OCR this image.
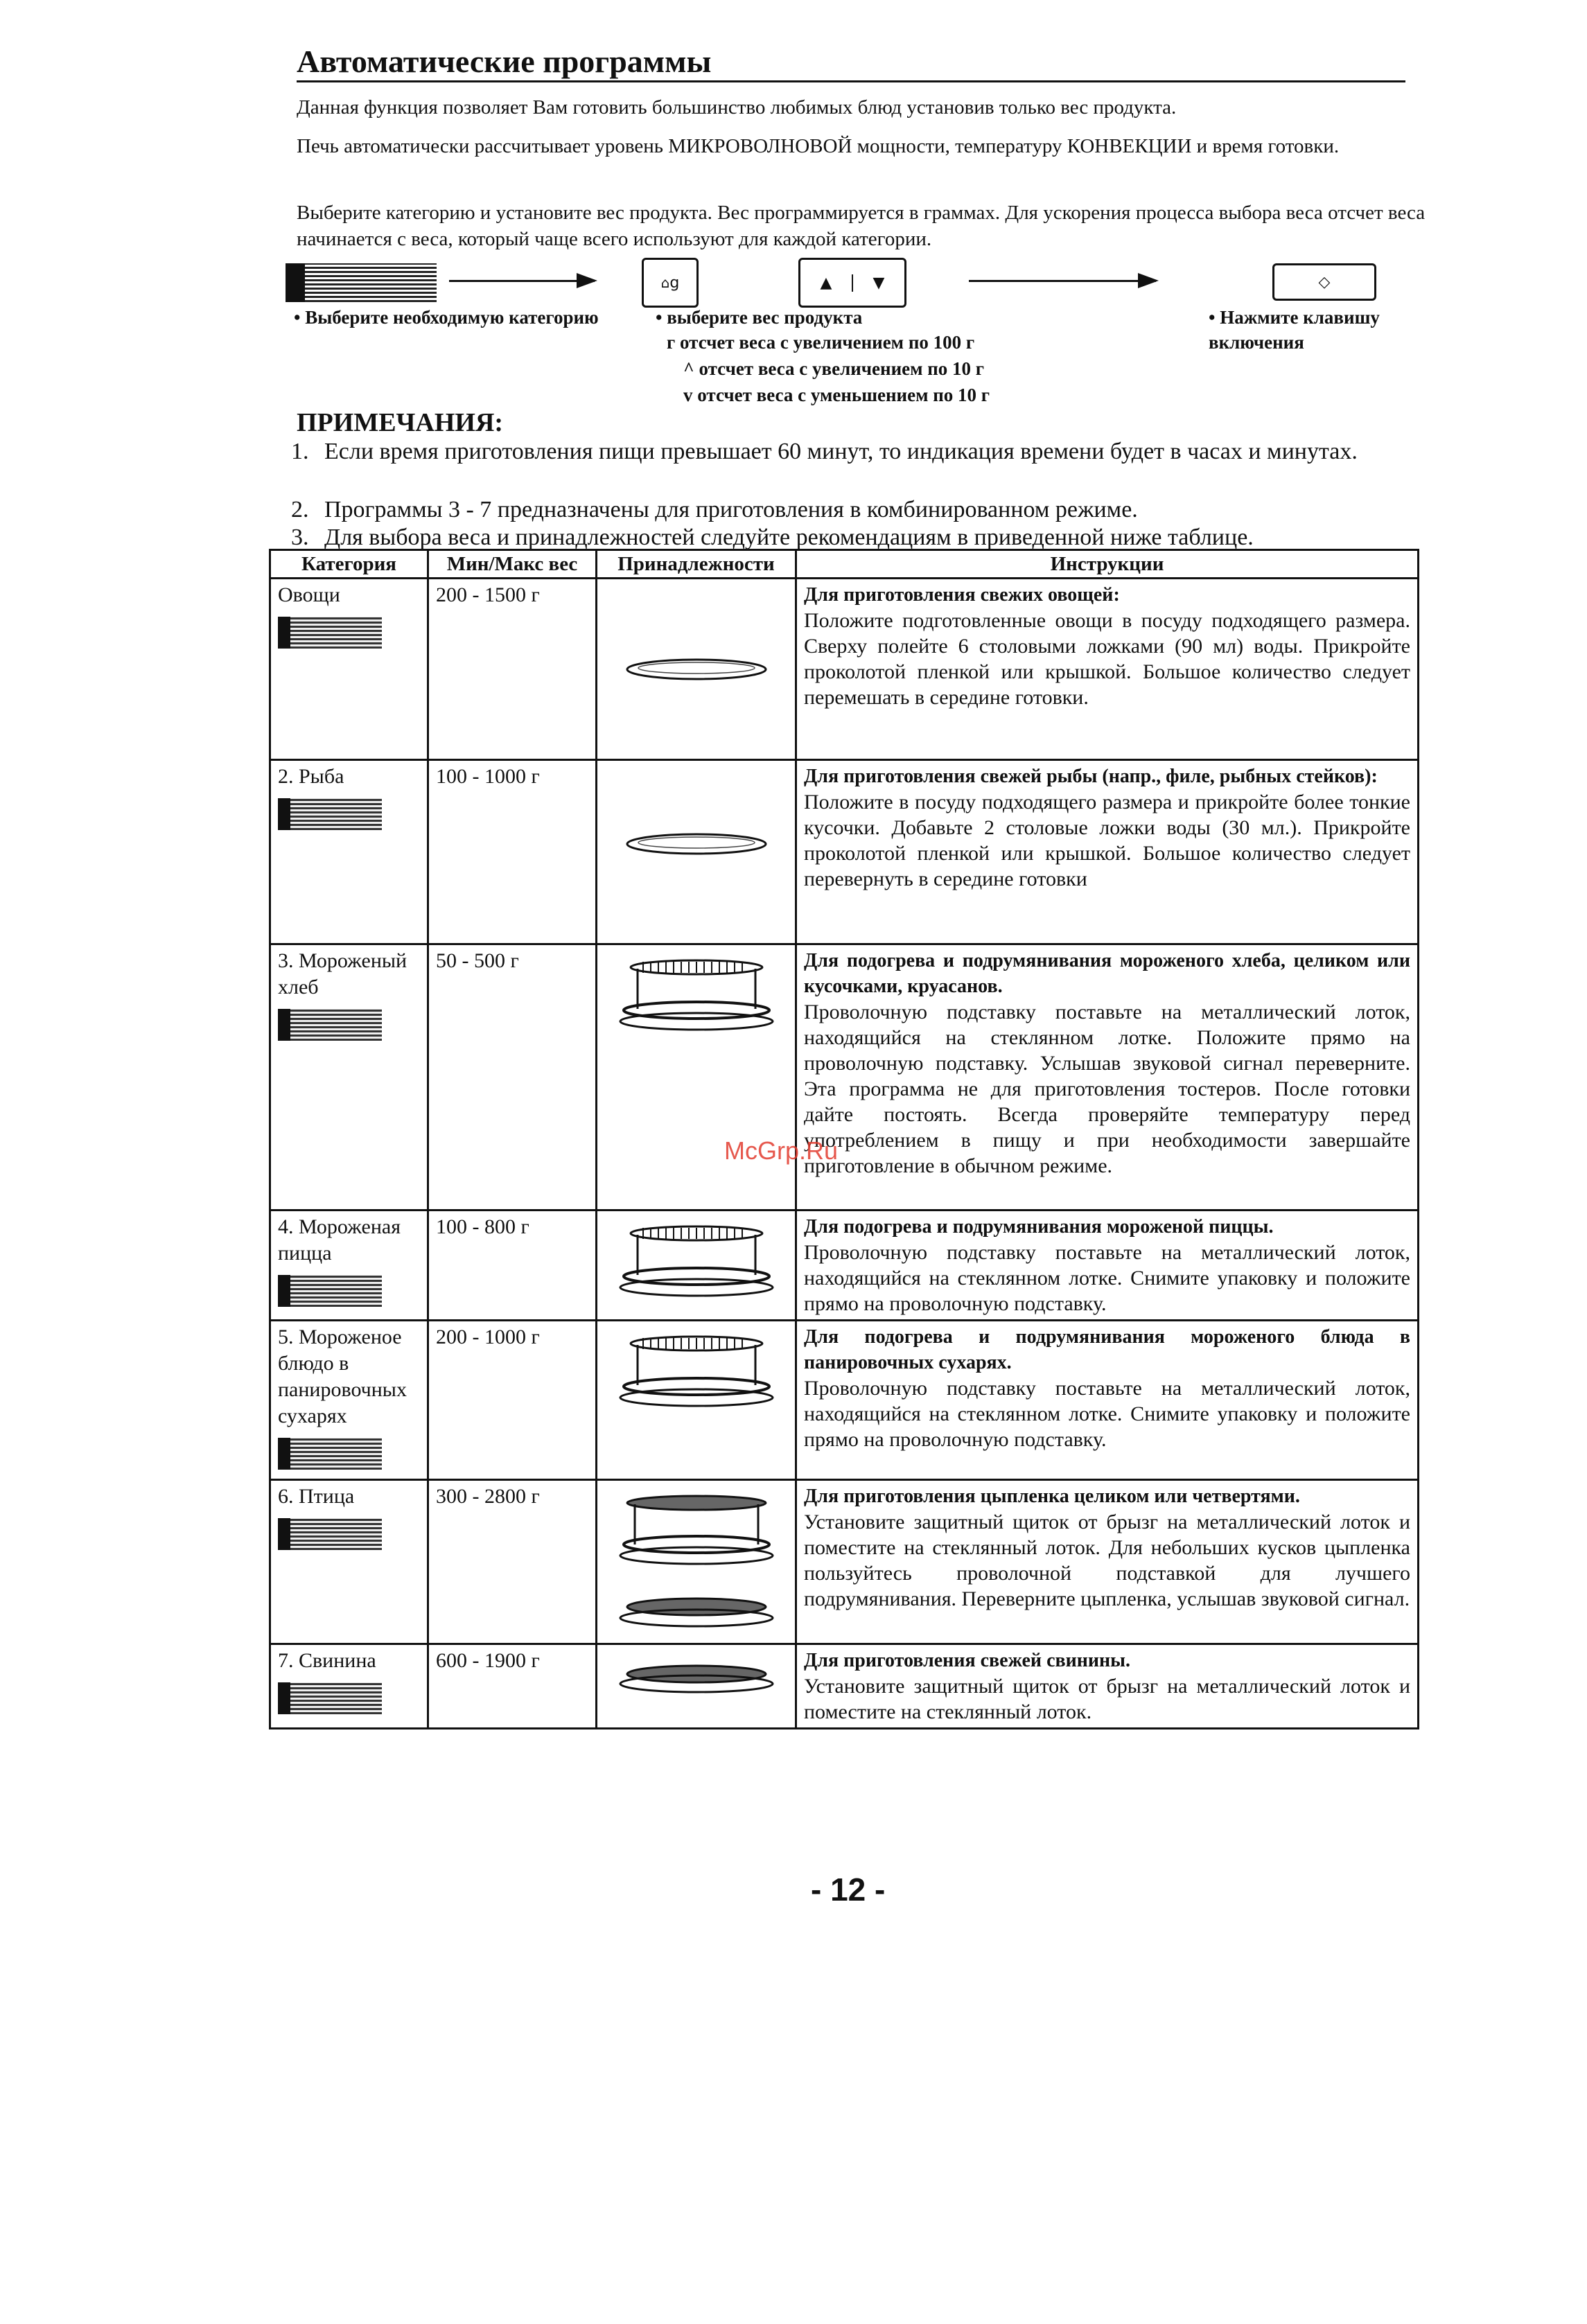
Автоматические программы
Данная функция позволяет Вам готовить большинство любимых блюд установив только вес продукта.
Печь автоматически рассчитывает уровень МИКРОВОЛНОВОЙ мощности, температуру КОНВЕКЦИИ и время готовки.
Выберите категорию и установите вес продукта. Вес программируется в граммах. Для ускорения процесса выбора веса отсчет веса начинается с веса, который чаще всего используют для каждой категории.
⌂ g	▲	▼	◇
• Выберите необходимую категорию	• выберите вес продукта
г отсчет веса с увеличением по 100 г
^ отсчет веса с увеличением по 10 г
v отсчет веса с уменьшением по 10 г
• Нажмите клавишу включения
ПРИМЕЧАНИЯ:
1. Если время приготовления пищи превышает 60 минут, то индикация времени будет в часах и минутах.
2. Программы 3 - 7 предназначены для приготовления в комбинированном режиме.
3. Для выбора веса и принадлежностей следуйте рекомендациям в приведенной ниже таблице.
Категория	Мин/Макс вес	Принадлежности	Инструкции
Овощи	200 - 1500 г		Для приготовления свежих овощей:
Положите подготовленные овощи в посуду подходящего размера. Сверху полейте 6 столовыми ложками (90 мл) воды. Прикройте проколотой пленкой или крышкой. Большое количество следует перемешать в середине готовки.

2. Рыба	100 - 1000 г		Для приготовления свежей рыбы (напр., филе, рыбных стейков):
Положите в посуду подходящего размера и прикройте более тонкие кусочки. Добавьте 2 столовые ложки воды (30 мл.). Прикройте проколотой пленкой или крышкой. Большое количество следует перевернуть в середине готовки

3. Мороженый хлеб	50 - 500 г		Для подогрева и подрумянивания мороженого хлеба, целиком или кусочками, круасанов.
Проволочную подставку поставьте на металлический лоток, находящийся на стеклянном лотке. Положите прямо на проволочную подставку. Услышав звуковой сигнал переверните. Эта программа не для приготовления тостеров. После готовки дайте постоять. Всегда проверяйте температуру перед употреблением в пищу и при необходимости завершайте приготовление в обычном режиме.

4. Мороженая пицца	100 - 800 г		Для подогрева и подрумянивания мороженой пиццы.
Проволочную подставку поставьте на металлический лоток, находящийся на стеклянном лотке. Снимите упаковку и положите прямо на проволочную подставку.

5. Мороженое блюдо в панировочных сухарях	200 - 1000 г		Для подогрева и подрумянивания мороженого блюда в панировочных сухарях.
Проволочную подставку поставьте на металлический лоток, находящийся на стеклянном лотке. Снимите упаковку и положите прямо на проволочную подставку.

6. Птица	300 - 2800 г		Для приготовления цыпленка целиком или четвертями.
Установите защитный щиток от брызг на металлический лоток и поместите на стеклянный лоток. Для небольших кусков цыпленка пользуйтесь проволочной подставкой для лучшего подрумянивания. Переверните цыпленка, услышав звуковой сигнал.

7. Свинина	600 - 1900 г		Для приготовления свежей свинины.
Установите защитный щиток от брызг на металлический лоток и поместите на стеклянный лоток.
McGrp.Ru
- 12 -
